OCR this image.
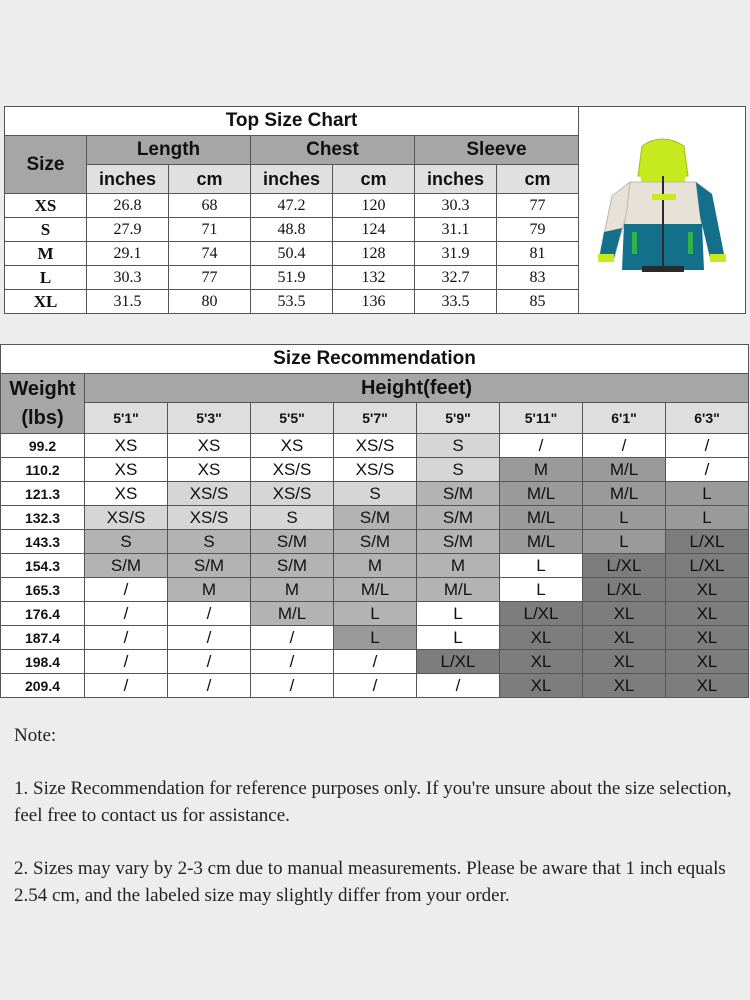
Top Size Chart	

Size	Length		Chest		Sleeve		
	inches	cm	inches	cm	inches	cm	
XS	26.8	68	47.2	120	30.3	77	
S	27.9	71	48.8	124	31.1	79	
M	29.1	74	50.4	128	31.9	81	
L	30.3	77	51.9	132	32.7	83	
XL	31.5	80	53.5	136	33.5	85	
Size Recommendation								
Weight
(lbs)	Height(feet)							
	5'1"	5'3"	5'5"	5'7"	5'9"	5'11"	6'1"	6'3"
99.2	XS	XS	XS	XS/S	S	/	/	/
110.2	XS	XS	XS/S	XS/S	S	M	M/L	/
121.3	XS	XS/S	XS/S	S	S/M	M/L	M/L	L
132.3	XS/S	XS/S	S	S/M	S/M	M/L	L	L
143.3	S	S	S/M	S/M	S/M	M/L	L	L/XL
154.3	S/M	S/M	S/M	M	M	L	L/XL	L/XL
165.3	/	M	M	M/L	M/L	L	L/XL	XL
176.4	/	/	M/L	L	L	L/XL	XL	XL
187.4	/	/	/	L	L	XL	XL	XL
198.4	/	/	/	/	L/XL	XL	XL	XL
209.4	/	/	/	/	/	XL	XL	XL

Note:

1. Size Recommendation for reference purposes only. If you're unsure about the size selection, feel free to contact us for assistance.

2. Sizes may vary by 2-3 cm due to manual measurements. Please be aware that 1 inch equals 2.54 cm, and the labeled size may slightly differ from your order.
